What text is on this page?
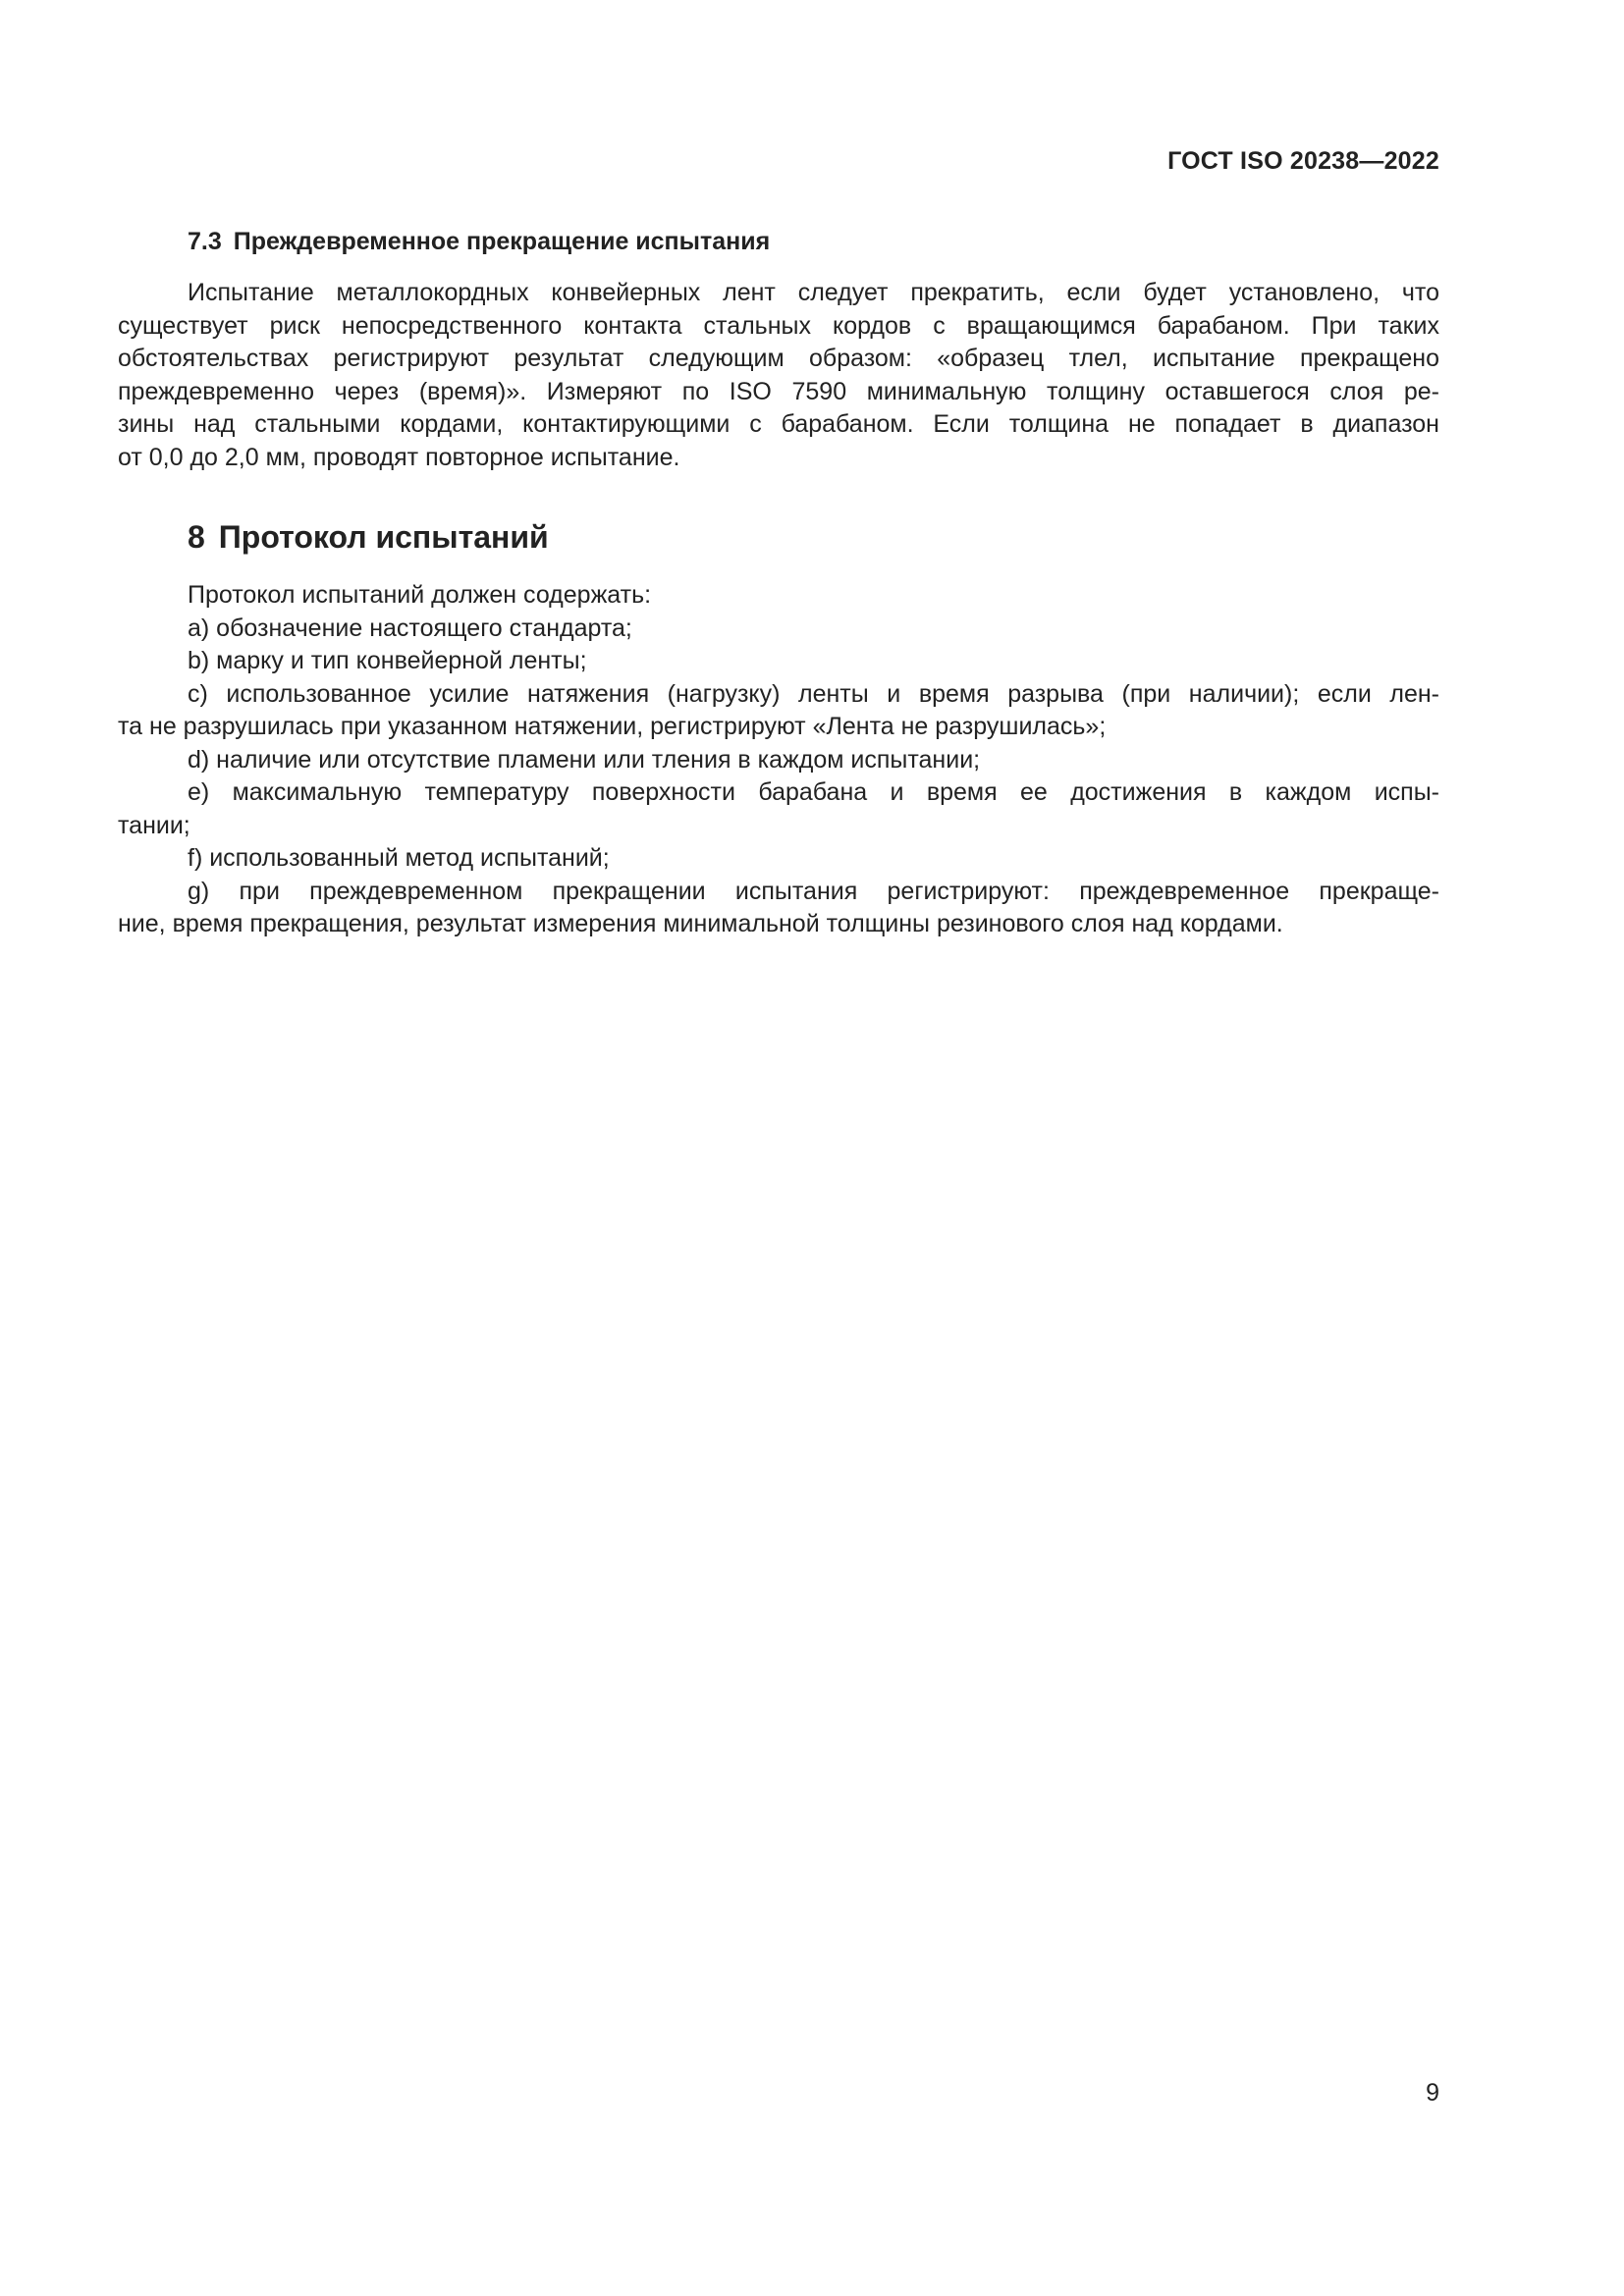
ГОСТ ISO 20238—2022
7.3 Преждевременное прекращение испытания

Испытание металлокордных конвейерных лент следует прекратить, если будет установлено, что
существует риск непосредственного контакта стальных кордов с вращающимся барабаном. При таких
обстоятельствах регистрируют результат следующим образом: «образец тлел, испытание прекращено
преждевременно через (время)». Измеряют по ISO 7590 минимальную толщину оставшегося слоя ре-
зины над стальными кордами, контактирующими с барабаном. Если толщина не попадает в диапазон
от 0,0 до 2,0 мм, проводят повторное испытание.

8 Протокол испытаний

Протокол испытаний должен содержать:

a) обозначение настоящего стандарта;

b) марку и тип конвейерной ленты;

c) использованное усилие натяжения (нагрузку) ленты и время разрыва (при наличии); если лен-
та не разрушилась при указанном натяжении, регистрируют «Лента не разрушилась»;

d) наличие или отсутствие пламени или тления в каждом испытании;

e) максимальную температуру поверхности барабана и время ее достижения в каждом испы-
тании;

f) использованный метод испытаний;

g) при преждевременном прекращении испытания регистрируют: преждевременное прекраще-
ние, время прекращения, результат измерения минимальной толщины резинового слоя над кордами.

9
